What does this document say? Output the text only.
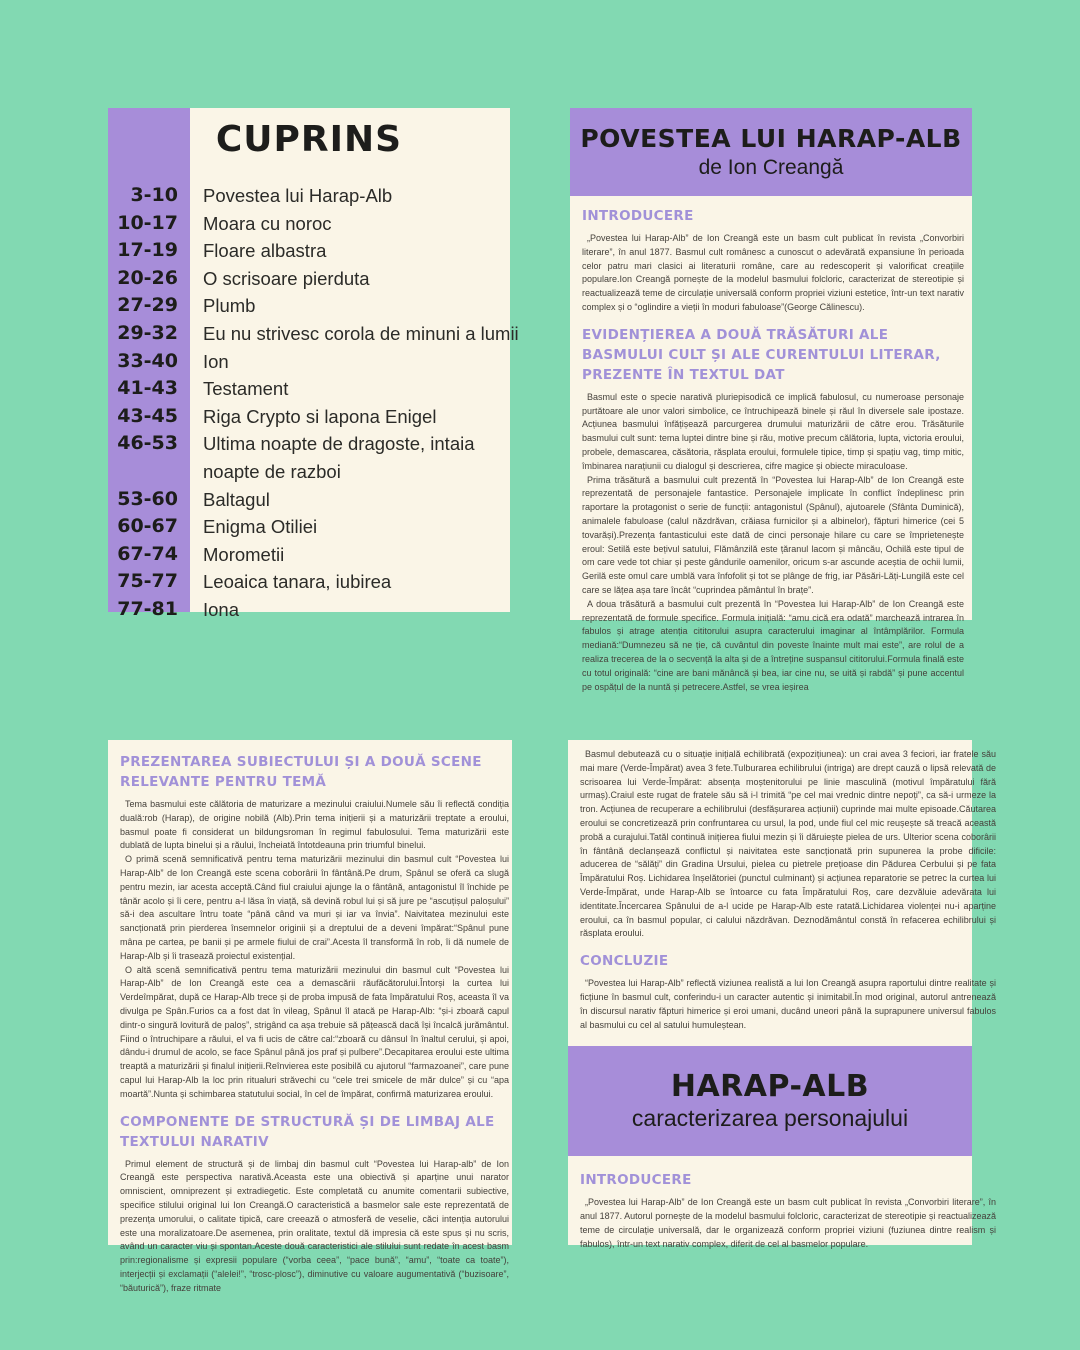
CUPRINS
3-10	Povestea lui Harap-Alb
10-17	Moara cu noroc
17-19	Floare albastra
20-26	O scrisoare pierduta
27-29	Plumb
29-32	Eu nu strivesc corola de minuni a lumii
33-40	Ion
41-43	Testament
43-45	Riga Crypto si lapona Enigel
46-53	Ultima noapte de dragoste, intaia
noapte de razboi
53-60	Baltagul
60-67	Enigma Otiliei
67-74	Morometii
75-77	Leoaica tanara, iubirea
77-81	Iona
POVESTEA LUI HARAP-ALB
de Ion Creangă
INTRODUCERE

„Povestea lui Harap-Alb” de Ion Creangă este un basm cult publicat în revista „Convorbiri literare”, în anul 1877. Basmul cult românesc a cunoscut o adevărată expansiune în perioada celor patru mari clasici ai literaturii române, care au redescoperit și valorificat creațiile populare.Ion Creangă pornește de la modelul basmului folcloric, caracterizat de stereotipie și reactualizează teme de circulație universală conform propriei viziuni estetice, într-un text narativ complex și o “oglindire a vieții în moduri fabuloase”(George Călinescu).

EVIDENȚIEREA A DOUĂ TRĂSĂTURI ALE BASMULUI CULT ȘI ALE CURENTULUI LITERAR, PREZENTE ÎN TEXTUL DAT

Basmul este o specie narativă pluriepisodică ce implică fabulosul, cu numeroase personaje purtătoare ale unor valori simbolice, ce întruchipează binele și răul în diversele sale ipostaze. Acțiunea basmului înfățișează parcurgerea drumului maturizării de către erou. Trăsăturile basmului cult sunt: tema luptei dintre bine și rău, motive precum călătoria, lupta, victoria eroului, probele, demascarea, căsătoria, răsplata eroului, formulele tipice, timp și spațiu vag, timp mitic, îmbinarea narațiunii cu dialogul și descrierea, cifre magice și obiecte miraculoase.

Prima trăsătură a basmului cult prezentă în “Povestea lui Harap-Alb” de Ion Creangă este reprezentată de personajele fantastice. Personajele implicate în conflict îndeplinesc prin raportare la protagonist o serie de funcții: antagonistul (Spânul), ajutoarele (Sfânta Duminică), animalele fabuloase (calul năzdrăvan, crăiasa furnicilor și a albinelor), făpturi himerice (cei 5 tovarăși).Prezența fantasticului este dată de cinci personaje hilare cu care se împrietenește eroul: Setilă este bețivul satului, Flămânzilă este țăranul lacom și mâncău, Ochilă este tipul de om care vede tot chiar și peste gândurile oamenilor, oricum s-ar ascunde aceștia de ochii lumii, Gerilă este omul care umblă vara înfofolit și tot se plânge de frig, iar Păsări-Lăți-Lungilă este cel care se lățea așa tare încât “cuprindea pământul în brațe”.

A doua trăsătură a basmului cult prezentă în “Povestea lui Harap-Alb” de Ion Creangă este reprezentată de formule specifice. Formula inițială: “amu cică era odată” marchează intrarea în fabulos și atrage atenția cititorului asupra caracterului imaginar al întâmplărilor. Formula mediană:“Dumnezeu să ne ție, că cuvântul din poveste înainte mult mai este”, are rolul de a realiza trecerea de la o secvență la alta și de a întreține suspansul cititorului.Formula finală este cu totul originală: “cine are bani mănâncă și bea, iar cine nu, se uită și rabdă” și pune accentul pe ospățul de la nuntă și petrecere.Astfel, se vrea ieșirea

PREZENTAREA SUBIECTULUI ȘI A DOUĂ SCENE RELEVANTE PENTRU TEMĂ

Tema basmului este călătoria de maturizare a mezinului craiului.Numele său îi reflectă condiția duală:rob (Harap), de origine nobilă (Alb).Prin tema inițierii și a maturizării treptate a eroului, basmul poate fi considerat un bildungsroman în regimul fabulosului. Tema maturizării este dublată de lupta binelui și a răului, încheiată întotdeauna prin triumful binelui.

O primă scenă semnificativă pentru tema maturizării mezinului din basmul cult “Povestea lui Harap-Alb” de Ion Creangă este scena coborârii în fântână.Pe drum, Spânul se oferă ca slugă pentru mezin, iar acesta acceptă.Când fiul craiului ajunge la o fântână, antagonistul îl închide pe tânăr acolo și îi cere, pentru a-l lăsa în viață, să devină robul lui și să jure pe “ascuțișul paloșului” să-i dea ascultare întru toate “până când va muri și iar va învia”. Naivitatea mezinului este sancționată prin pierderea însemnelor originii și a dreptului de a deveni împărat:“Spânul pune mâna pe cartea, pe banii și pe armele fiului de crai”.Acesta îl transformă în rob, îi dă numele de Harap-Alb și îi trasează proiectul existențial.

O altă scenă semnificativă pentru tema maturizării mezinului din basmul cult “Povestea lui Harap-Alb” de Ion Creangă este cea a demascării răufăcătorului.Întorși la curtea lui Verdeîmpărat, după ce Harap-Alb trece și de proba impusă de fata împăratului Roș, aceasta îl va divulga pe Spân.Furios ca a fost dat în vileag, Spânul îl atacă pe Harap-Alb: “și-i zboară capul dintr-o singură lovitură de paloș”, strigând ca așa trebuie să pățească dacă își încalcă jurământul. Fiind o întruchipare a răului, el va fi ucis de către cal:“zboară cu dânsul în înaltul cerului, și apoi, dându-i drumul de acolo, se face Spânul până jos praf și pulbere”.Decapitarea eroului este ultima treaptă a maturizării și finalul inițierii.Reînvierea este posibilă cu ajutorul “farmazoanei”, care pune capul lui Harap-Alb la loc prin ritualuri străvechi cu “cele trei smicele de măr dulce” și cu “apa moartă”.Nunta și schimbarea statutului social, în cel de împărat, confirmă maturizarea eroului.

COMPONENTE DE STRUCTURĂ ȘI DE LIMBAJ ALE TEXTULUI NARATIV

Primul element de structură și de limbaj din basmul cult “Povestea lui Harap-alb” de Ion Creangă este perspectiva narativă.Aceasta este una obiectivă și aparține unui narator omniscient, omniprezent și extradiegetic. Este completată cu anumite comentarii subiective, specifice stilului original lui Ion Creangă.O caracteristică a basmelor sale este reprezentată de prezența umorului, o calitate tipică, care creează o atmosferă de veselie, căci intenția autorului este una moralizatoare.De asemenea, prin oralitate, textul dă impresia că este spus și nu scris, având un caracter viu și spontan.Aceste două caracteristici ale stilului sunt redate în acest basm prin:regionalisme și expresii populare (“vorba ceea”, “pace bună”, “amu”, “toate ca toate”), interjecții și exclamații (“alelei!”, “trosc-plosc”), diminutive cu valoare augumentativă (“buzisoare”, “băuturică”), fraze ritmate

Basmul debutează cu o situație inițială echilibrată (expozițiunea): un crai avea 3 feciori, iar fratele său mai mare (Verde-Împărat) avea 3 fete.Tulburarea echilibrului (intriga) are drept cauză o lipsă relevată de scrisoarea lui Verde-Împărat: absența moștenitorului pe linie masculină (motivul împăratului fără urmaș).Craiul este rugat de fratele său să i-l trimită “pe cel mai vrednic dintre nepoți”, ca să-i urmeze la tron. Acțiunea de recuperare a echilibrului (desfășurarea acțiunii) cuprinde mai multe episoade.Căutarea eroului se concretizează prin confruntarea cu ursul, la pod, unde fiul cel mic reușește să treacă această probă a curajului.Tatăl continuă inițierea fiului mezin și îi dăruiește pielea de urs. Ulterior scena coborârii în fântână declanșează conflictul și naivitatea este sancționată prin supunerea la probe dificile: aducerea de “sălăți” din Gradina Ursului, pielea cu pietrele prețioase din Pădurea Cerbului și pe fata Împăratului Roș. Lichidarea înșelătoriei (punctul culminant) și acțiunea reparatorie se petrec la curtea lui Verde-Împărat, unde Harap-Alb se întoarce cu fata Împăratului Roș, care dezvăluie adevărata lui identitate.Încercarea Spânului de a-l ucide pe Harap-Alb este ratată.Lichidarea violenței nu-i aparține eroului, ca în basmul popular, ci calului năzdrăvan. Deznodământul constă în refacerea echilibrului și răsplata eroului.

CONCLUZIE

“Povestea lui Harap-Alb” reflectă viziunea realistă a lui Ion Creangă asupra raportului dintre realitate și ficțiune în basmul cult, conferindu-i un caracter autentic și inimitabil.În mod original, autorul antrenează în discursul narativ făpturi himerice și eroi umani, ducând uneori până la suprapunere universul fabulos al basmului cu cel al satului humuleștean.

HARAP-ALB
caracterizarea personajului
INTRODUCERE

„Povestea lui Harap-Alb” de Ion Creangă este un basm cult publicat în revista „Convorbiri literare”, în anul 1877. Autorul pornește de la modelul basmului folcloric, caracterizat de stereotipie și reactualizează teme de circulație universală, dar le organizează conform propriei viziuni (fuziunea dintre realism și fabulos), într-un text narativ complex, diferit de cel al basmelor populare.
